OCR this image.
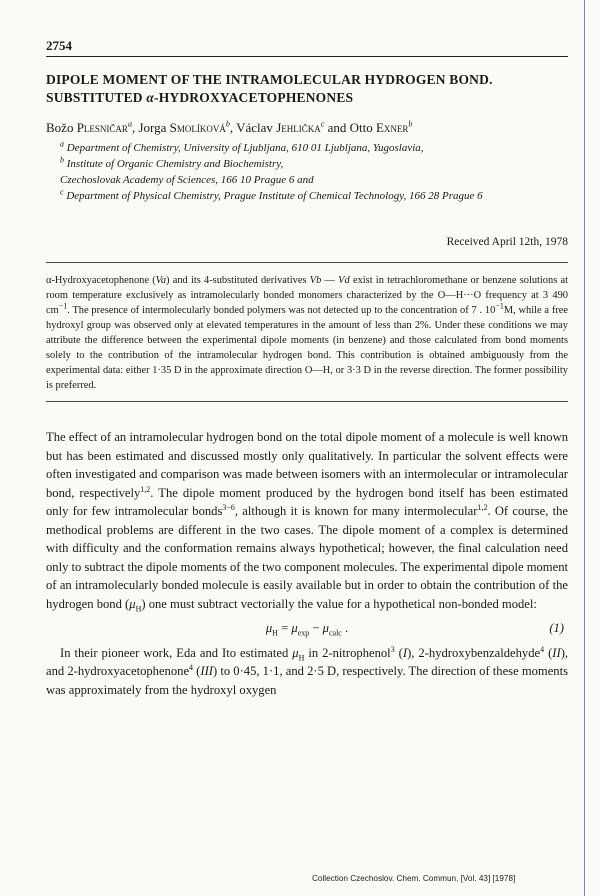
2754
DIPOLE MOMENT OF THE INTRAMOLECULAR HYDROGEN BOND.
SUBSTITUTED α-HYDROXYACETOPHENONES
Božo Plesničar$^a$, Jorga Smolíková$^b$, Václav Jehlička$^c$ and Otto Exner$^b$
$^a$ Department of Chemistry, University of Ljubljana, 610 01 Ljubljana, Yugoslavia,
$^b$ Institute of Organic Chemistry and Biochemistry,
Czechoslovak Academy of Sciences, 166 10 Prague 6 and
$^c$ Department of Physical Chemistry, Prague Institute of Chemical Technology, 166 28 Prague 6
Received April 12th, 1978
α-Hydroxyacetophenone (Va) and its 4-substituted derivatives Vb — Vd exist in tetrachloromethane or benzene solutions at room temperature exclusively as intramolecularly bonded monomers characterized by the O—H···O frequency at 3 490 $cm^{-1}$. The presence of intermolecularly bonded polymers was not detected up to the concentration of 7 . $10^{-1}M$, while a free hydroxyl group was observed only at elevated temperatures in the amount of less than 2%. Under these conditions we may attribute the difference between the experimental dipole moments (in benzene) and those calculated from bond moments solely to the contribution of the intramolecular hydrogen bond. This contribution is obtained ambiguously from the experimental data: either 1·35 D in the approximate direction O—H, or 3·3 D in the reverse direction. The former possibility is preferred.

The effect of an intramolecular hydrogen bond on the total dipole moment of a molecule is well known but has been estimated and discussed mostly only qualitatively. In particular the solvent effects were often investigated and comparison was made between isomers with an intermolecular or intramolecular bond, respectively$^{1,2}$. The dipole moment produced by the hydrogen bond itself has been estimated only for few intramolecular bonds$^{3-6}$, although it is known for many intermolecular$^{1,2}$. Of course, the methodical problems are different in the two cases. The dipole moment of a complex is determined with difficulty and the conformation remains always hypothetical; however, the final calculation need only to subtract the dipole moments of the two component molecules. The experimental dipole moment of an intramolecularly bonded molecule is easily available but in order to obtain the contribution of the hydrogen bond $(\mu_H)$ one must subtract vectorially the value for a hypothetical non-bonded model:

$\mu_H = \mu_{exp} - \mu_{calc}$ .	(1)

In their pioneer work, Eda and Ito estimated $\mu_H$ in 2-nitrophenol$^3$ (I), 2-hydroxybenzaldehyde$^4$ (II), and 2-hydroxyacetophenone$^4$ (III) to 0·45, 1·1, and 2·5 D, respectively. The direction of these moments was approximately from the hydroxyl oxygen

Collection Czechoslov. Chem. Commun. [Vol. 43] [1978]
